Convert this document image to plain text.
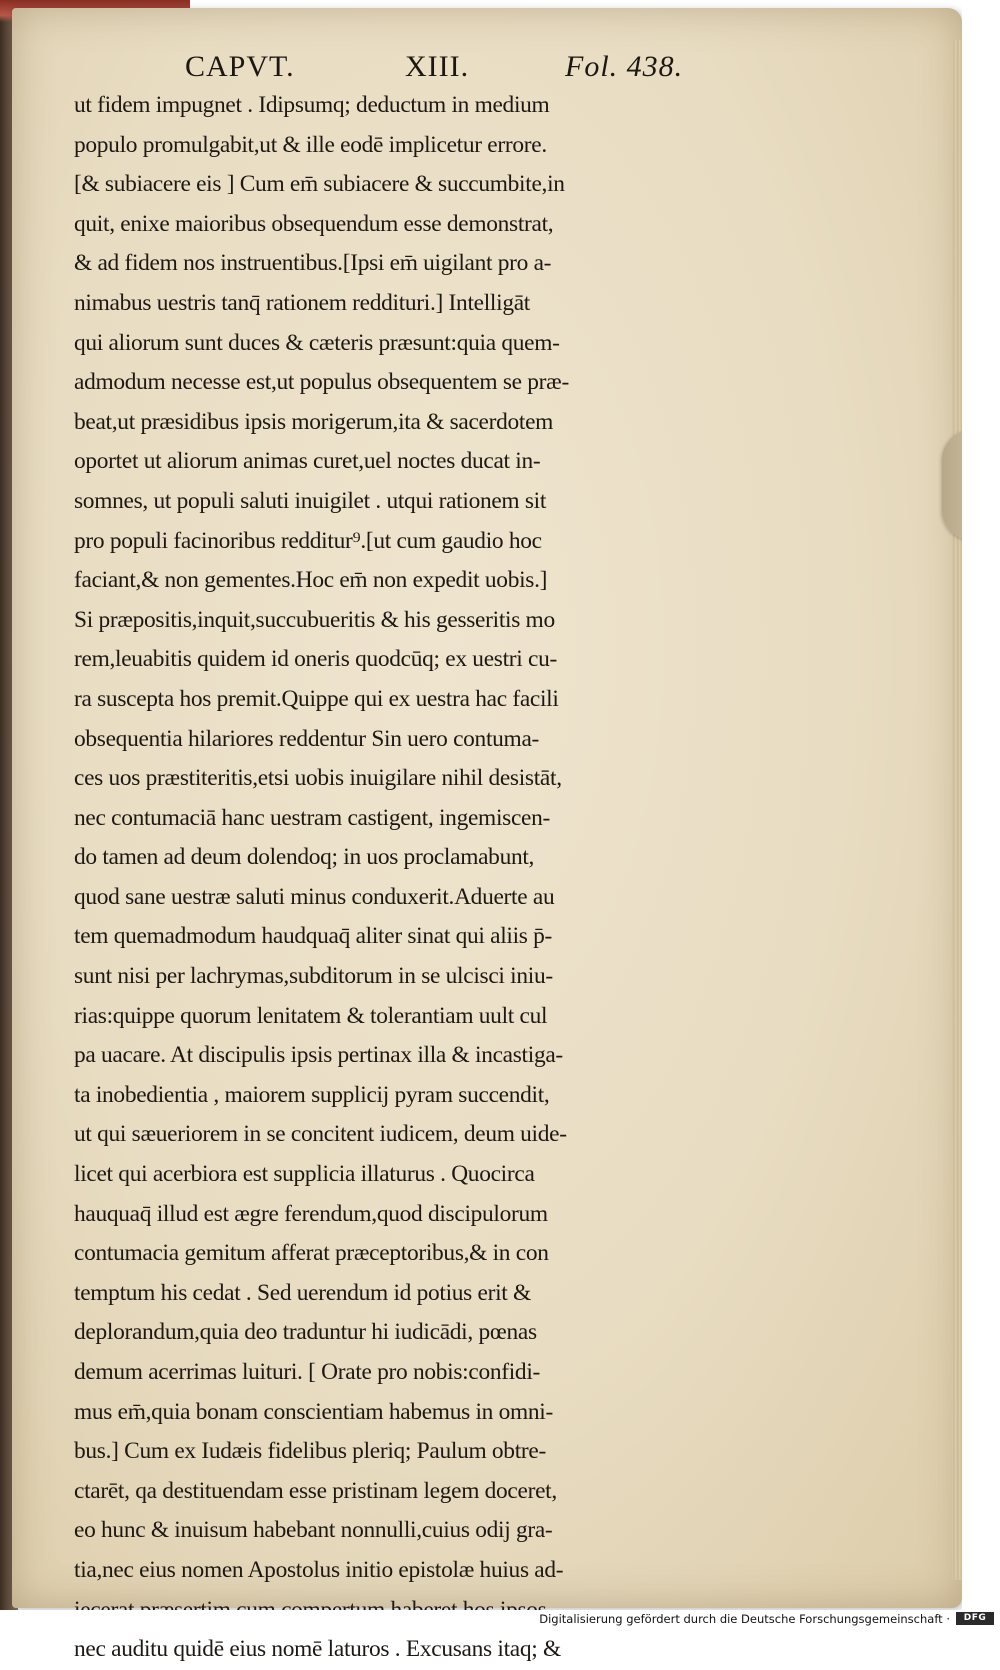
CAPVT.	XIII.	Fol. 438.
ut fidem impugnet . Idipsumq; deductum in medium
populo promulgabit,ut & ille eodē implicetur errore.
[& subiacere eis ] Cum em̄ subiacere & succumbite,in
quit, enixe maioribus obsequendum esse demonstrat,
& ad fidem nos instruentibus.[Ipsi em̄ uigilant pro a-
nimabus uestris tanq̄ rationem reddituri.] Intelligāt
qui aliorum sunt duces & cæteris præsunt:quia quem-
admodum necesse est,ut populus obsequentem se præ-
beat,ut præsidibus ipsis morigerum,ita & sacerdotem
oportet ut aliorum animas curet,uel noctes ducat in-
somnes, ut populi saluti inuigilet . utqui rationem sit
pro populi facinoribus redditur⁹.[ut cum gaudio hoc
faciant,& non gementes.Hoc em̄ non expedit uobis.]
Si præpositis,inquit,succubueritis & his gesseritis mo
rem,leuabitis quidem id oneris quodcūq; ex uestri cu-
ra suscepta hos premit.Quippe qui ex uestra hac facili
obsequentia hilariores reddentur Sin uero contuma-
ces uos præstiteritis,etsi uobis inuigilare nihil desistāt,
nec contumaciā hanc uestram castigent, ingemiscen-
do tamen ad deum dolendoq; in uos proclamabunt,
quod sane uestræ saluti minus conduxerit.Aduerte au
tem quemadmodum haudquaq̄ aliter sinat qui aliis p̄-
sunt nisi per lachrymas,subditorum in se ulcisci iniu-
rias:quippe quorum lenitatem & tolerantiam uult cul
pa uacare. At discipulis ipsis pertinax illa & incastiga-
ta inobedientia , maiorem supplicij pyram succendit,
ut qui sæueriorem in se concitent iudicem, deum uide-
licet qui acerbiora est supplicia illaturus . Quocirca
hauquaq̄ illud est ægre ferendum,quod discipulorum
contumacia gemitum afferat præceptoribus,& in con
temptum his cedat . Sed uerendum id potius erit &
deplorandum,quia deo traduntur hi iudicādi, pœnas
demum acerrimas luituri. [ Orate pro nobis:confidi-
mus em̄,quia bonam conscientiam habemus in omni-
bus.] Cum ex Iudæis fidelibus pleriq; Paulum obtre-
ctarēt, qa destituendam esse pristinam legem doceret,
eo hunc & inuisum habebant nonnulli,cuius odij gra-
tia,nec eius nomen Apostolus initio epistolæ huius ad-
nec auditu quidē eius nomē laturos . Excusans itaq; &
Digitalisierung gefördert durch die Deutsche Forschungsgemeinschaft ·	DFG
